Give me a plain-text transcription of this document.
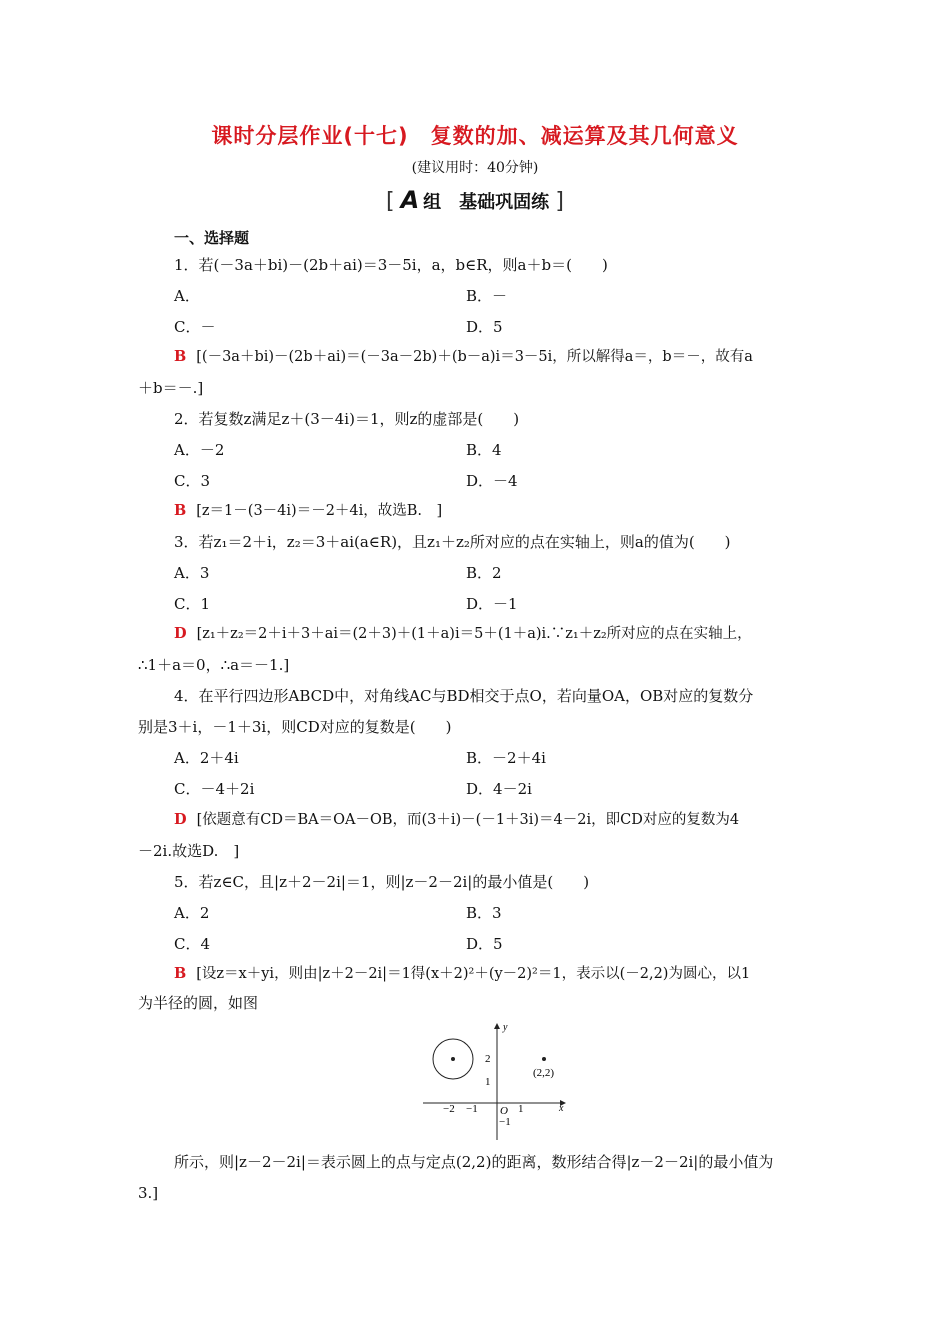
课时分层作业(十七)　复数的加、减运算及其几何意义
(建议用时：40分钟)
[ A 组　基础巩固练 ]
一、选择题
1．若(－3a＋bi)－(2b＋ai)＝3－5i，a，b∈R，则a＋b＝(　　)
A．	B．－
C．－	D．5
B [(－3a＋bi)－(2b＋ai)＝(－3a－2b)＋(b－a)i＝3－5i，所以解得a＝，b＝－，故有a
＋b＝－.]
2．若复数z满足z＋(3－4i)＝1，则z的虚部是(　　)
A．－2	B．4
C．3	D．－4
B [z＝1－(3－4i)＝－2＋4i，故选B.　]
3．若z₁＝2＋i，z₂＝3＋ai(a∈R)，且z₁＋z₂所对应的点在实轴上，则a的值为(　　)
A．3	B．2
C．1	D．－1
D [z₁＋z₂＝2＋i＋3＋ai＝(2＋3)＋(1＋a)i＝5＋(1＋a)i.∵z₁＋z₂所对应的点在实轴上，
∴1＋a＝0，∴a＝－1.]
4．在平行四边形ABCD中，对角线AC与BD相交于点O，若向量OA，OB对应的复数分
别是3＋i，－1＋3i，则CD对应的复数是(　　)
A．2＋4i	B．－2＋4i
C．－4＋2i	D．4－2i
D [依题意有CD＝BA＝OA－OB，而(3＋i)－(－1＋3i)＝4－2i，即CD对应的复数为4
－2i.故选D.　]
5．若z∈C，且|z＋2－2i|＝1，则|z－2－2i|的最小值是(　　)
A．2	B．3
C．4	D．5
B [设z＝x＋yi，则由|z＋2－2i|＝1得(x＋2)²＋(y－2)²＝1，表示以(－2,2)为圆心，以1
为半径的圆，如图
y
x
O
2
1
−1
−2 −1	1
(2,2)
所示，则|z－2－2i|＝表示圆上的点与定点(2,2)的距离，数形结合得|z－2－2i|的最小值为
3.]
